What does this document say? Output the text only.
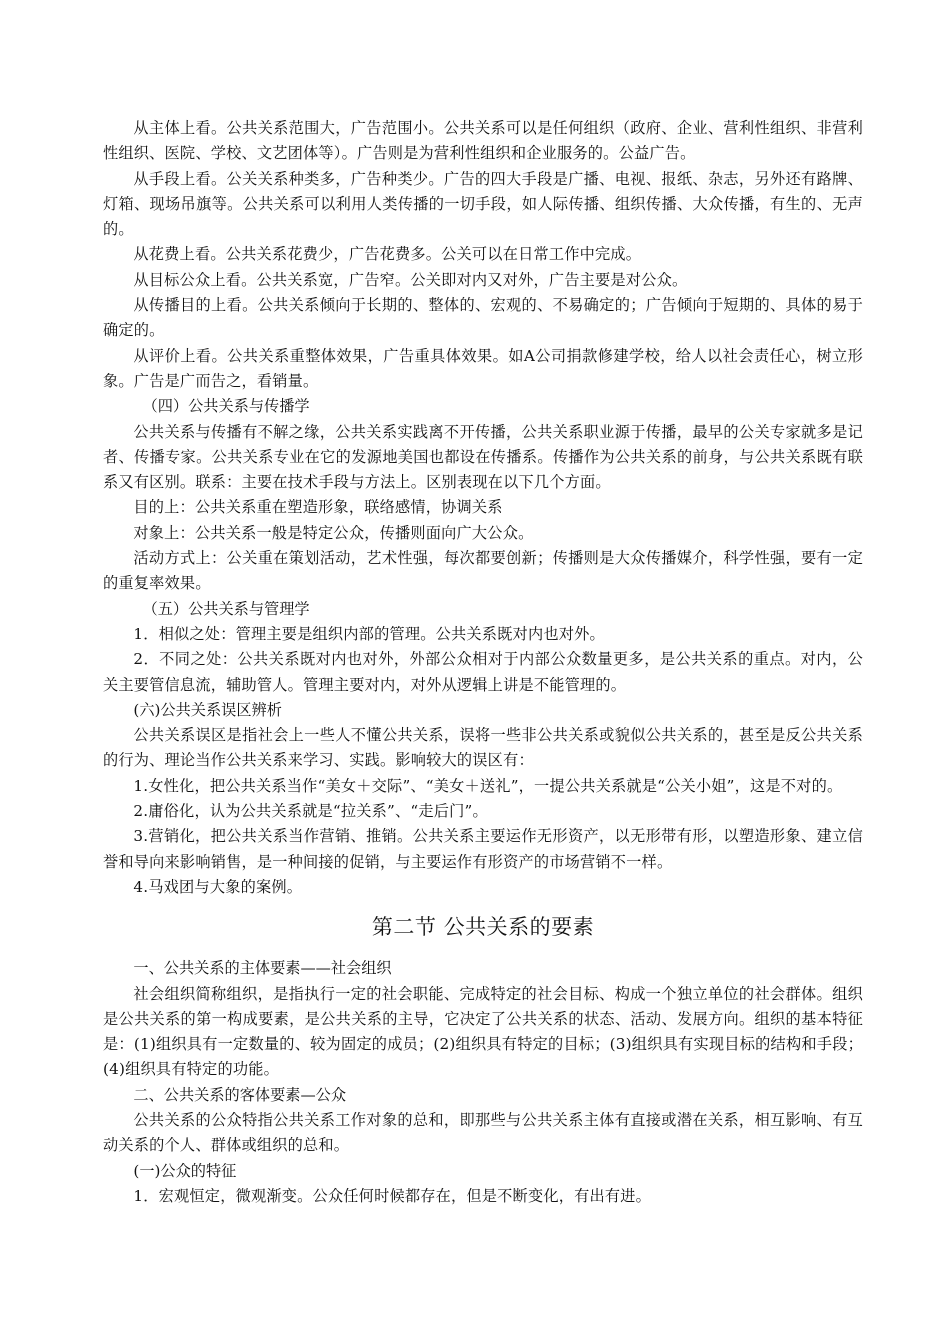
从主体上看。公共关系范围大，广告范围小。公共关系可以是任何组织（政府、企业、营利性组织、非营利性组织、医院、学校、文艺团体等）。广告则是为营利性组织和企业服务的。公益广告。

从手段上看。公关关系种类多，广告种类少。广告的四大手段是广播、电视、报纸、杂志，另外还有路牌、灯箱、现场吊旗等。公共关系可以利用人类传播的一切手段，如人际传播、组织传播、大众传播，有生的、无声的。

从花费上看。公共关系花费少，广告花费多。公关可以在日常工作中完成。

从目标公众上看。公共关系宽，广告窄。公关即对内又对外，广告主要是对公众。

从传播目的上看。公共关系倾向于长期的、整体的、宏观的、不易确定的；广告倾向于短期的、具体的易于确定的。

从评价上看。公共关系重整体效果，广告重具体效果。如A公司捐款修建学校，给人以社会责任心，树立形象。广告是广而告之，看销量。

（四）公共关系与传播学

公共关系与传播有不解之缘，公共关系实践离不开传播，公共关系职业源于传播，最早的公关专家就多是记者、传播专家。公共关系专业在它的发源地美国也都设在传播系。传播作为公共关系的前身，与公共关系既有联系又有区别。联系：主要在技术手段与方法上。区别表现在以下几个方面。

目的上：公共关系重在塑造形象，联络感情，协调关系

对象上：公共关系一般是特定公众，传播则面向广大公众。

活动方式上：公关重在策划活动，艺术性强，每次都要创新；传播则是大众传播媒介，科学性强，要有一定的重复率效果。

（五）公共关系与管理学

1．相似之处：管理主要是组织内部的管理。公共关系既对内也对外。

2．不同之处：公共关系既对内也对外，外部公众相对于内部公众数量更多，是公共关系的重点。对内，公关主要管信息流，辅助管人。管理主要对内，对外从逻辑上讲是不能管理的。

(六)公共关系误区辨析

公共关系误区是指社会上一些人不懂公共关系，误将一些非公共关系或貌似公共关系的，甚至是反公共关系的行为、理论当作公共关系来学习、实践。影响较大的误区有：

1.女性化，把公共关系当作“美女＋交际”、“美女＋送礼”，一提公共关系就是“公关小姐”，这是不对的。

2.庸俗化，认为公共关系就是“拉关系”、“走后门”。

3.营销化，把公共关系当作营销、推销。公共关系主要运作无形资产，以无形带有形，以塑造形象、建立信誉和导向来影响销售，是一种间接的促销，与主要运作有形资产的市场营销不一样。

4.马戏团与大象的案例。

第二节 公共关系的要素

一、公共关系的主体要素——社会组织

社会组织简称组织，是指执行一定的社会职能、完成特定的社会目标、构成一个独立单位的社会群体。组织是公共关系的第一构成要素，是公共关系的主导，它决定了公共关系的状态、活动、发展方向。组织的基本特征是：(1)组织具有一定数量的、较为固定的成员；(2)组织具有特定的目标；(3)组织具有实现目标的结构和手段；(4)组织具有特定的功能。

二、公共关系的客体要素—公众

公共关系的公众特指公共关系工作对象的总和，即那些与公共关系主体有直接或潜在关系，相互影响、有互动关系的个人、群体或组织的总和。

(一)公众的特征

1．宏观恒定，微观渐变。公众任何时候都存在，但是不断变化，有出有进。
